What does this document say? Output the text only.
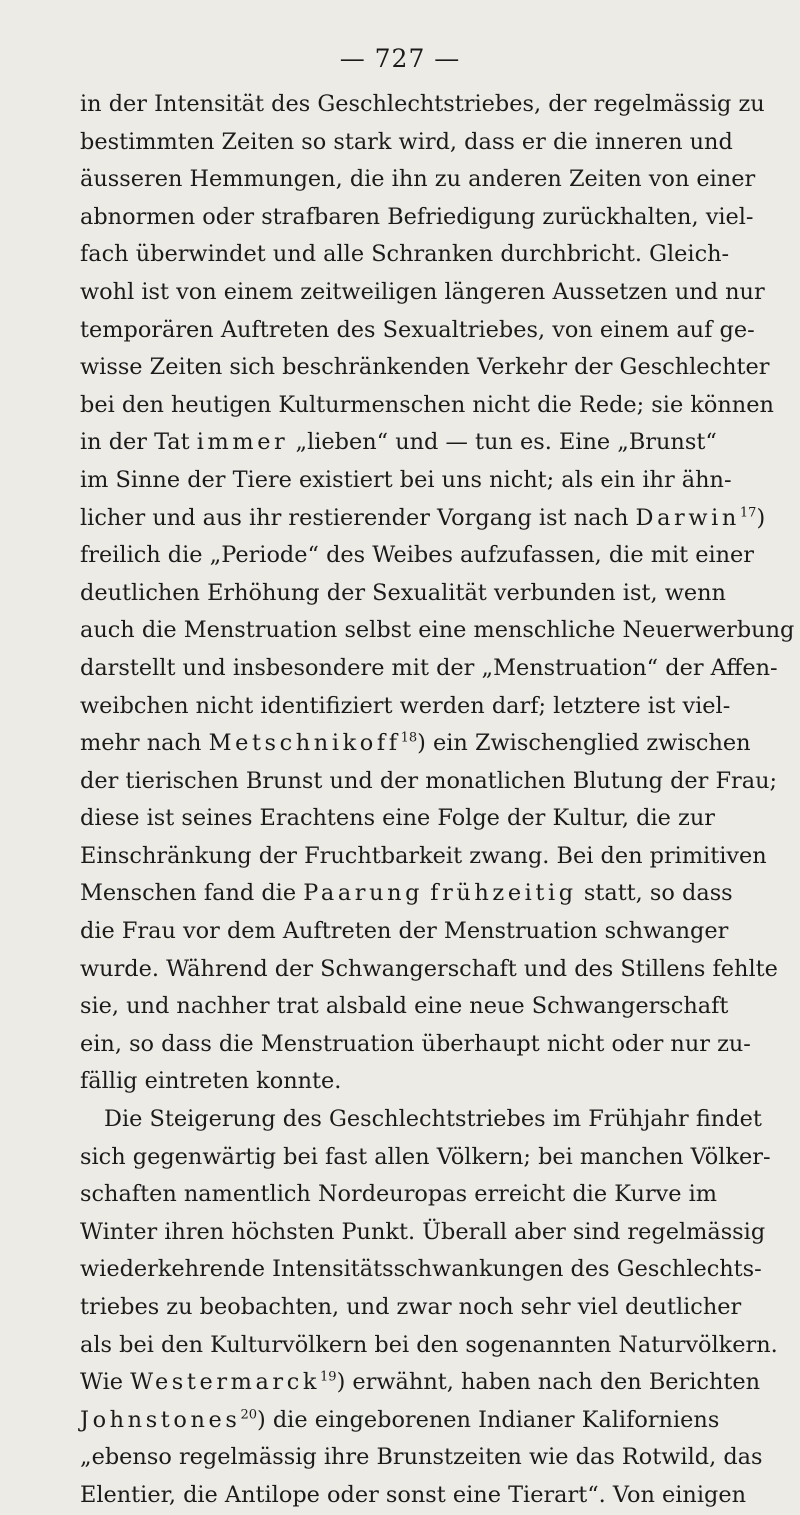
— 727 —
in der Intensität des Geschlechtstriebes, der regelmässig zu
bestimmten Zeiten so stark wird, dass er die inneren und
äusseren Hemmungen, die ihn zu anderen Zeiten von einer
abnormen oder strafbaren Befriedigung zurückhalten, viel-
fach überwindet und alle Schranken durchbricht. Gleich-
wohl ist von einem zeitweiligen längeren Aussetzen und nur
temporären Auftreten des Sexualtriebes, von einem auf ge-
wisse Zeiten sich beschränkenden Verkehr der Geschlechter
bei den heutigen Kulturmenschen nicht die Rede; sie können
in der Tat immer „lieben“ und — tun es. Eine „Brunst“
im Sinne der Tiere existiert bei uns nicht; als ein ihr ähn-
licher und aus ihr restierender Vorgang ist nach Darwin$^{17}$)
freilich die „Periode“ des Weibes aufzufassen, die mit einer
deutlichen Erhöhung der Sexualität verbunden ist, wenn
auch die Menstruation selbst eine menschliche Neuerwerbung
darstellt und insbesondere mit der „Menstruation“ der Affen-
weibchen nicht identifiziert werden darf; letztere ist viel-
mehr nach Metschnikoff$^{18}$) ein Zwischenglied zwischen
der tierischen Brunst und der monatlichen Blutung der Frau;
diese ist seines Erachtens eine Folge der Kultur, die zur
Einschränkung der Fruchtbarkeit zwang. Bei den primitiven
Menschen fand die Paarung frühzeitig statt, so dass
die Frau vor dem Auftreten der Menstruation schwanger
wurde. Während der Schwangerschaft und des Stillens fehlte
sie, und nachher trat alsbald eine neue Schwangerschaft
ein, so dass die Menstruation überhaupt nicht oder nur zu-
fällig eintreten konnte.
Die Steigerung des Geschlechtstriebes im Frühjahr findet
sich gegenwärtig bei fast allen Völkern; bei manchen Völker-
schaften namentlich Nordeuropas erreicht die Kurve im
Winter ihren höchsten Punkt. Überall aber sind regelmässig
wiederkehrende Intensitätsschwankungen des Geschlechts-
triebes zu beobachten, und zwar noch sehr viel deutlicher
als bei den Kulturvölkern bei den sogenannten Naturvölkern.
Wie Westermarck$^{19}$) erwähnt, haben nach den Berichten
Johnstones$^{20}$) die eingeborenen Indianer Kaliforniens
„ebenso regelmässig ihre Brunstzeiten wie das Rotwild, das
Elentier, die Antilope oder sonst eine Tierart“. Von einigen
